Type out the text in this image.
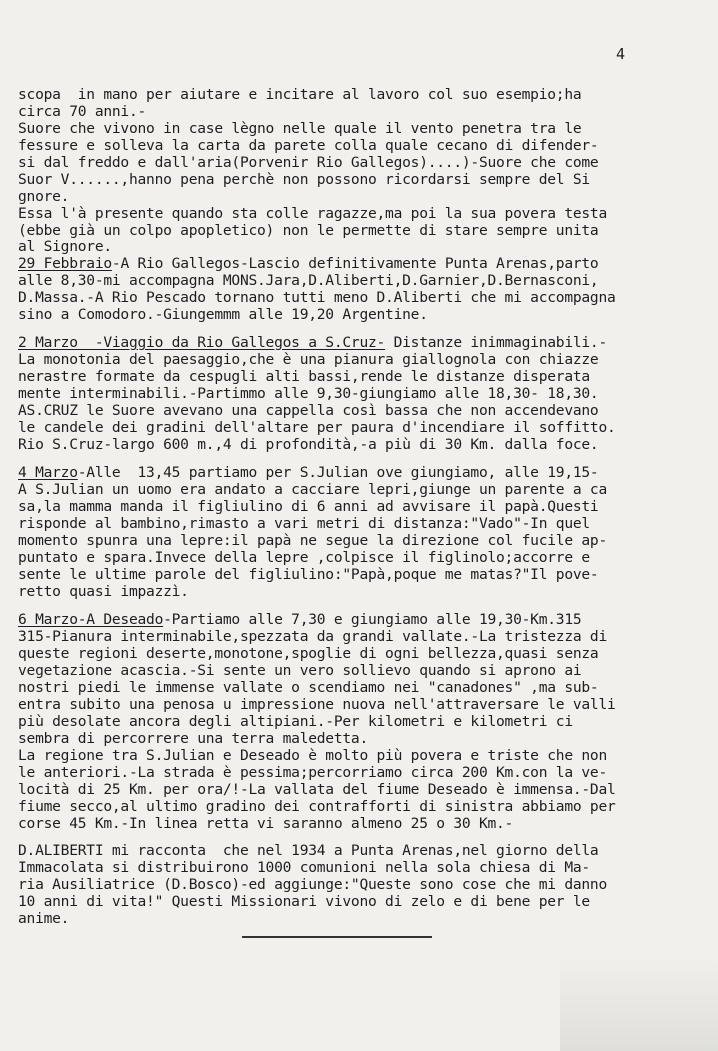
4
scopa  in mano per aiutare e incitare al lavoro col suo esempio;ha
circa 70 anni.-
Suore che vivono in case lègno nelle quale il vento penetra tra le
fessure e solleva la carta da parete colla quale cecano di difender-
si dal freddo e dall'aria(Porvenir Rio Gallegos)....)-Suore che come
Suor V......,hanno pena perchè non possono ricordarsi sempre del Si
gnore.
Essa l'à presente quando sta colle ragazze,ma poi la sua povera testa
(ebbe già un colpo apopletico) non le permette di stare sempre unita
al Signore.
29 Febbraio-A Rio Gallegos-Lascio definitivamente Punta Arenas,parto
alle 8,30-mi accompagna MONS.Jara,D.Aliberti,D.Garnier,D.Bernasconi,
D.Massa.-A Rio Pescado tornano tutti meno D.Aliberti che mi accompagna
sino a Comodoro.-Giungemmm alle 19,20 Argentine.
2 Marzo  -Viaggio da Rio Gallegos a S.Cruz- Distanze inimmaginabili.-
La monotonia del paesaggio,che è una pianura giallognola con chiazze
nerastre formate da cespugli alti bassi,rende le distanze disperata
mente interminabili.-Partimmo alle 9,30-giungiamo alle 18,30- 18,30.
AS.CRUZ le Suore avevano una cappella così bassa che non accendevano
le candele dei gradini dell'altare per paura d'incendiare il soffitto.
Rio S.Cruz-largo 600 m.,4 di profondità,-a più di 30 Km. dalla foce.
4 Marzo-Alle  13,45 partiamo per S.Julian ove giungiamo, alle 19,15-
A S.Julian un uomo era andato a cacciare lepri,giunge un parente a ca
sa,la mamma manda il figliulino di 6 anni ad avvisare il papà.Questi
risponde al bambino,rimasto a vari metri di distanza:"Vado"-In quel
momento spunra una lepre:il papà ne segue la direzione col fucile ap-
puntato e spara.Invece della lepre ,colpisce il figlinolo;accorre e
sente le ultime parole del figliulino:"Papà,poque me matas?"Il pove-
retto quasi impazzì.
6 Marzo-A Deseado-Partiamo alle 7,30 e giungiamo alle 19,30-Km.315
315-Pianura interminabile,spezzata da grandi vallate.-La tristezza di
queste regioni deserte,monotone,spoglie di ogni bellezza,quasi senza
vegetazione acascia.-Si sente un vero sollievo quando si aprono ai
nostri piedi le immense vallate o scendiamo nei "canadones" ,ma sub-
entra subito una penosa u impressione nuova nell'attraversare le valli
più desolate ancora degli altipiani.-Per kilometri e kilometri ci
sembra di percorrere una terra maledetta.
La regione tra S.Julian e Deseado è molto più povera e triste che non
le anteriori.-La strada è pessima;percorriamo circa 200 Km.con la ve-
locità di 25 Km. per ora/!-La vallata del fiume Deseado è immensa.-Dal
fiume secco,al ultimo gradino dei contrafforti di sinistra abbiamo per
corse 45 Km.-In linea retta vi saranno almeno 25 o 30 Km.-
D.ALIBERTI mi racconta  che nel 1934 a Punta Arenas,nel giorno della
Immacolata si distribuirono 1000 comunioni nella sola chiesa di Ma-
ria Ausiliatrice (D.Bosco)-ed aggiunge:"Queste sono cose che mi danno
10 anni di vita!" Questi Missionari vivono di zelo e di bene per le
anime.
